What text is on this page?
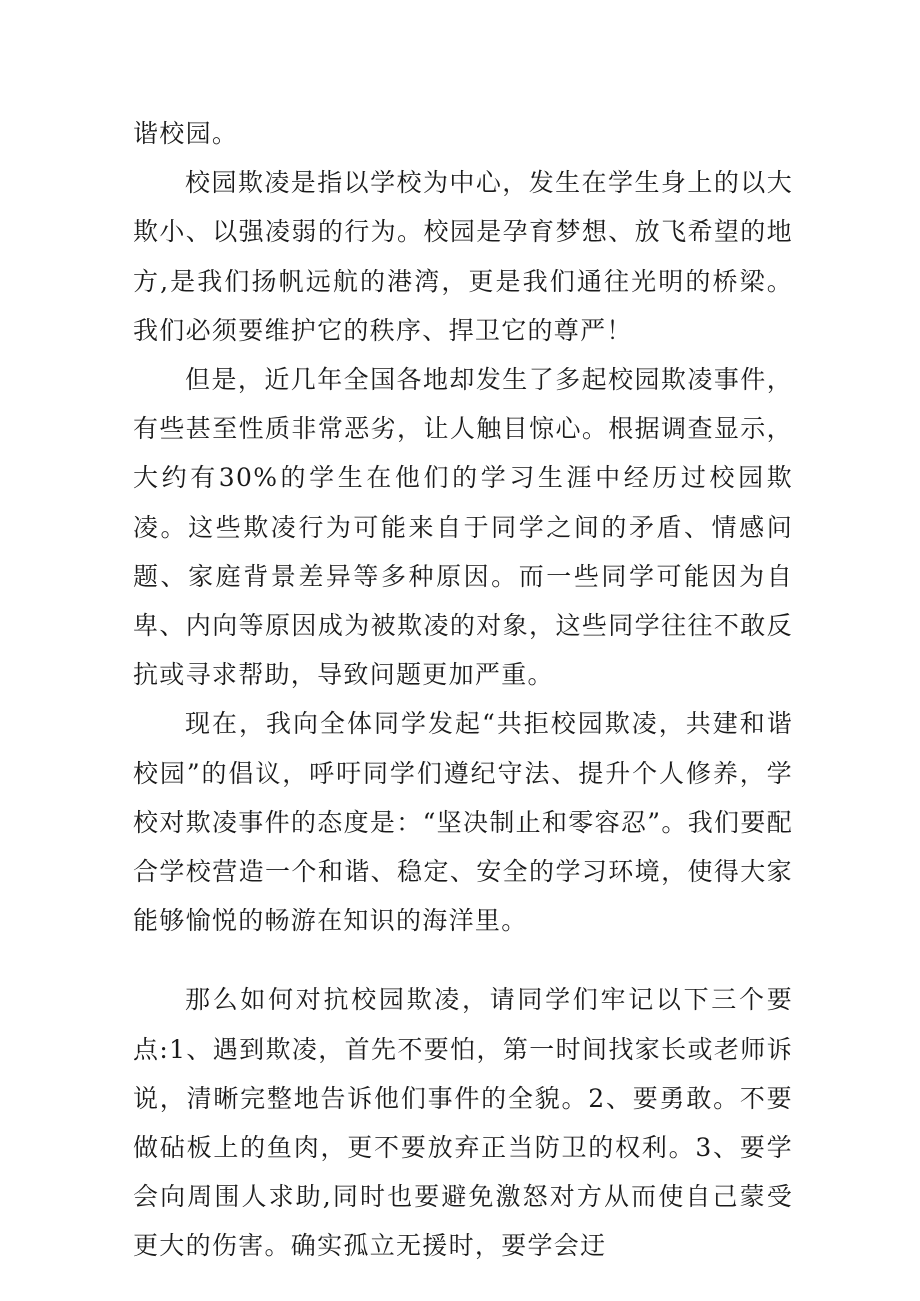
谐校园。

校园欺凌是指以学校为中心，发生在学生身上的以大欺小、以强凌弱的行为。校园是孕育梦想、放飞希望的地方,是我们扬帆远航的港湾，更是我们通往光明的桥梁。我们必须要维护它的秩序、捍卫它的尊严！

但是，近几年全国各地却发生了多起校园欺凌事件，有些甚至性质非常恶劣，让人触目惊心。根据调查显示，大约有30%的学生在他们的学习生涯中经历过校园欺凌。这些欺凌行为可能来自于同学之间的矛盾、情感问题、家庭背景差异等多种原因。而一些同学可能因为自卑、内向等原因成为被欺凌的对象，这些同学往往不敢反抗或寻求帮助，导致问题更加严重。

现在，我向全体同学发起“共拒校园欺凌，共建和谐校园”的倡议，呼吁同学们遵纪守法、提升个人修养，学校对欺凌事件的态度是：“坚决制止和零容忍”。我们要配合学校营造一个和谐、稳定、安全的学习环境，使得大家能够愉悦的畅游在知识的海洋里。

那么如何对抗校园欺凌，请同学们牢记以下三个要点:1、遇到欺凌，首先不要怕，第一时间找家长或老师诉说，清晰完整地告诉他们事件的全貌。2、要勇敢。不要做砧板上的鱼肉，更不要放弃正当防卫的权利。3、要学会向周围人求助,同时也要避免激怒对方从而使自己蒙受更大的伤害。确实孤立无援时，要学会迂
